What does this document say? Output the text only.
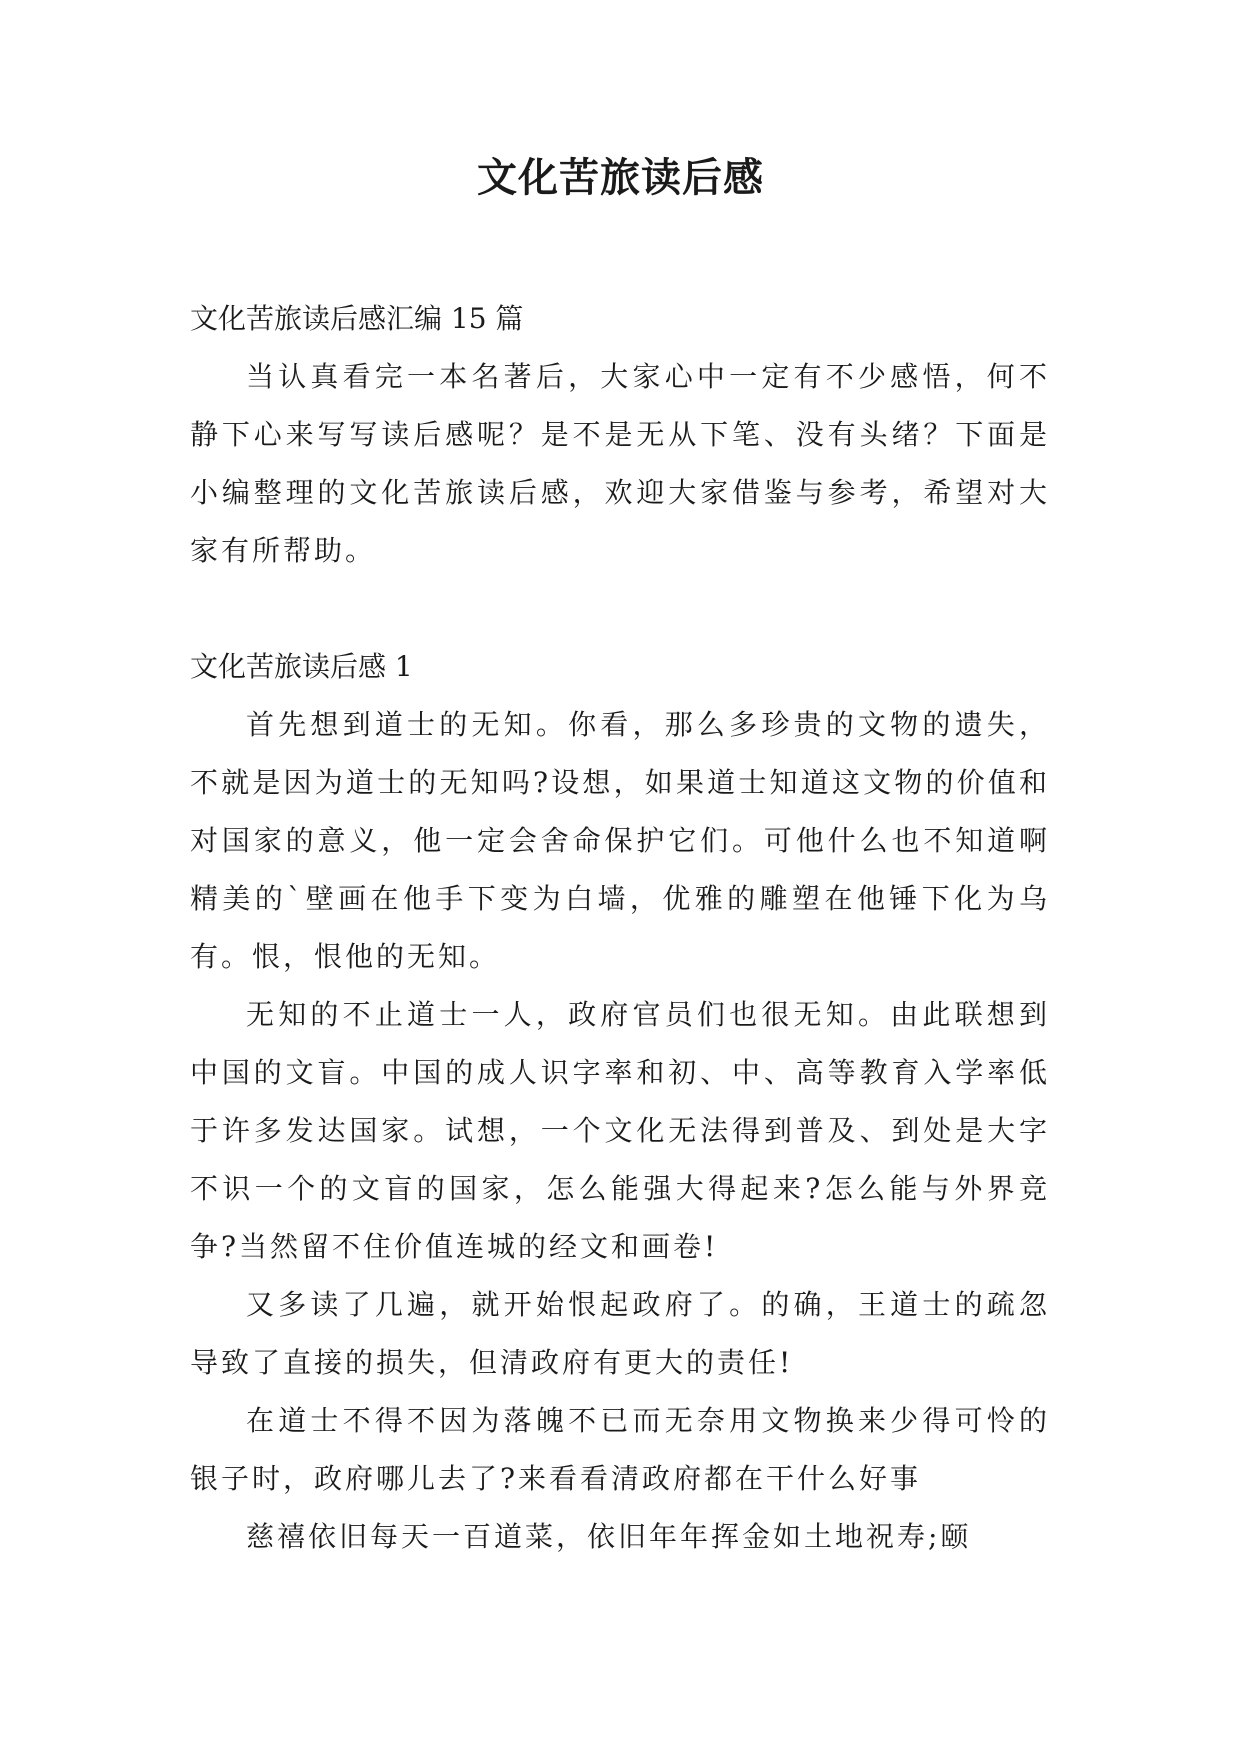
文化苦旅读后感

文化苦旅读后感汇编 15 篇

当认真看完一本名著后，大家心中一定有不少感悟，何不静下心来写写读后感呢？是不是无从下笔、没有头绪？下面是小编整理的文化苦旅读后感，欢迎大家借鉴与参考，希望对大家有所帮助。

文化苦旅读后感 1

首先想到道士的无知。你看，那么多珍贵的文物的遗失，不就是因为道士的无知吗?设想，如果道士知道这文物的价值和对国家的意义，他一定会舍命保护它们。可他什么也不知道啊精美的`壁画在他手下变为白墙，优雅的雕塑在他锤下化为乌有。恨，恨他的无知。

无知的不止道士一人，政府官员们也很无知。由此联想到中国的文盲。中国的成人识字率和初、中、高等教育入学率低于许多发达国家。试想，一个文化无法得到普及、到处是大字不识一个的文盲的国家，怎么能强大得起来?怎么能与外界竞争?当然留不住价值连城的经文和画卷!

又多读了几遍，就开始恨起政府了。的确，王道士的疏忽导致了直接的损失，但清政府有更大的责任!

在道士不得不因为落魄不已而无奈用文物换来少得可怜的银子时，政府哪儿去了?来看看清政府都在干什么好事

慈禧依旧每天一百道菜，依旧年年挥金如土地祝寿;颐
